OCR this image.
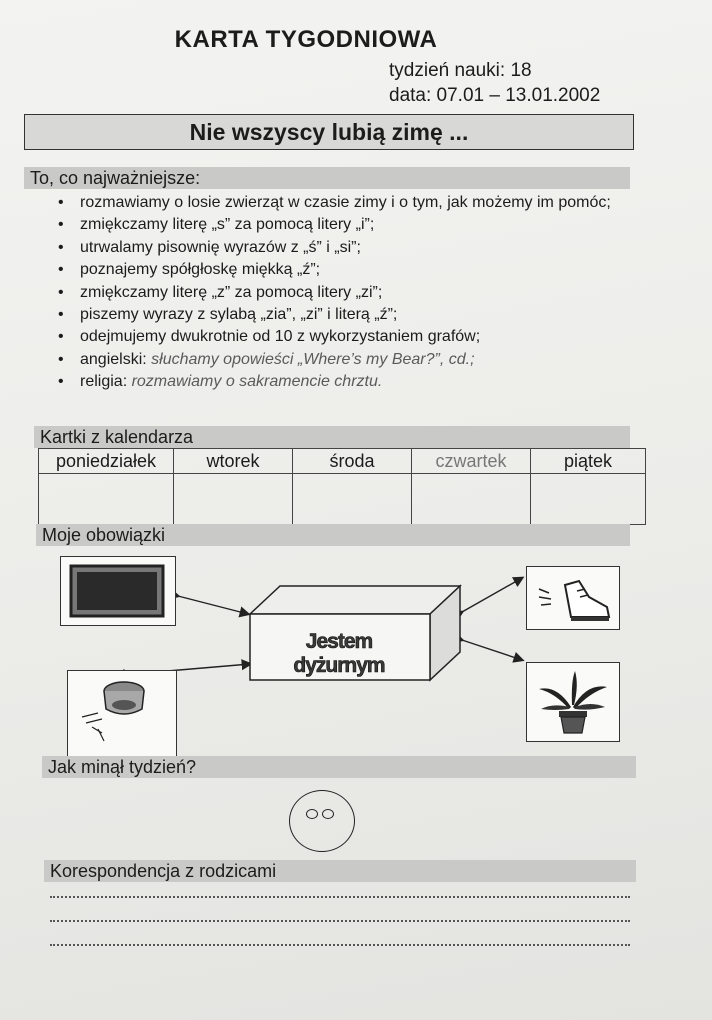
KARTA TYGODNIOWA
tydzień nauki: 18
data: 07.01 – 13.01.2002
Nie wszyscy lubią zimę ...
To, co najważniejsze:
• rozmawiamy o losie zwierząt w czasie zimy i o tym, jak możemy im pomóc;
• zmiękczamy literę „s” za pomocą litery „i”;
• utrwalamy pisownię wyrazów z „ś” i „si”;
• poznajemy spółgłoskę miękką „ź”;
• zmiękczamy literę „z” za pomocą litery „zi”;
• piszemy wyrazy z sylabą „zia”, „zi” i literą „ź”;
• odejmujemy dwukrotnie od 10 z wykorzystaniem grafów;
• angielski: słuchamy opowieści „Where’s my Bear?”, cd.;
• religia: rozmawiamy o sakramencie chrztu.
Kartki z kalendarza
poniedziałek	wtorek	środa	czwartek	piątek

Moje obowiązki
Jestem dyżurnym
Jak minął tydzień?
Korespondencja z rodzicami
